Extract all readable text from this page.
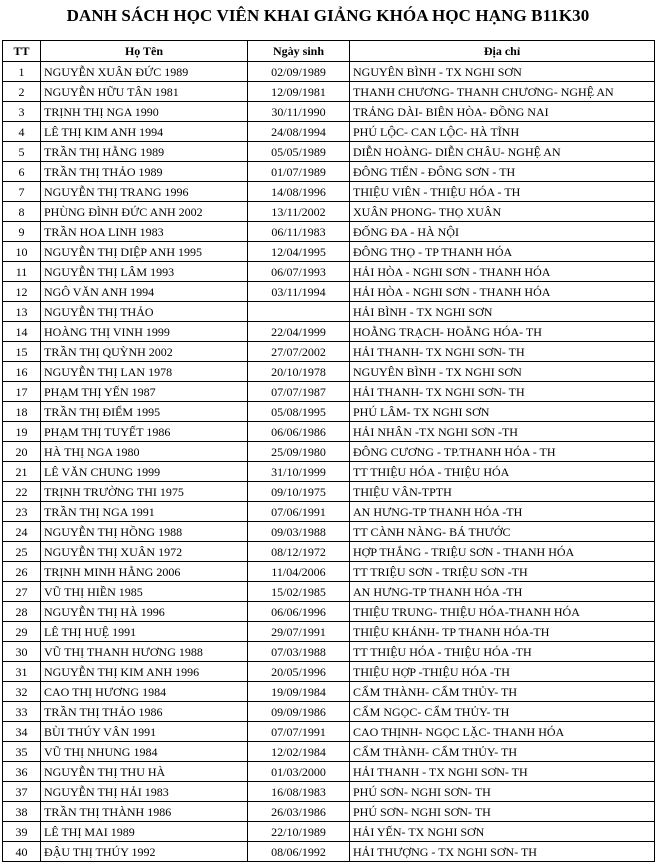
DANH SÁCH HỌC VIÊN KHAI GIẢNG KHÓA HỌC HẠNG B11K30
TT	Họ Tên	Ngày sinh	Địa chỉ
1	NGUYỄN XUÂN ĐỨC 1989	02/09/1989	NGUYÊN BÌNH - TX NGHI SƠN
2	NGUYỄN HỮU TÂN 1981	12/09/1981	THANH CHƯƠNG- THANH CHƯƠNG- NGHỆ AN
3	TRỊNH THỊ NGA 1990	30/11/1990	TRẢNG DÀI- BIÊN HÒA- ĐỒNG NAI
4	LÊ THỊ KIM ANH 1994	24/08/1994	PHÚ LỘC- CAN LỘC- HÀ TĨNH
5	TRẦN THỊ HẰNG 1989	05/05/1989	DIỄN HOÀNG- DIỄN CHÂU- NGHỆ AN
6	TRẦN THỊ THẢO 1989	01/07/1989	ĐÔNG TIẾN - ĐÔNG SƠN - TH
7	NGUYỄN THỊ TRANG 1996	14/08/1996	THIỆU VIÊN - THIỆU HÓA - TH
8	PHÙNG ĐÌNH ĐỨC ANH 2002	13/11/2002	XUÂN PHONG- THỌ XUÂN
9	TRẦN HOA LINH 1983	06/11/1983	ĐỐNG ĐA - HÀ NỘI
10	NGUYỄN THỊ DIỆP ANH 1995	12/04/1995	ĐÔNG THỌ - TP THANH HÓA
11	NGUYỄN THỊ LÂM 1993	06/07/1993	HẢI HÒA - NGHI SƠN - THANH HÓA
12	NGÔ VĂN ANH 1994	03/11/1994	HẢI HÒA - NGHI SƠN - THANH HÓA
13	NGUYỄN THỊ THẢO		HẢI BÌNH - TX NGHI SƠN
14	HOÀNG THỊ VINH 1999	22/04/1999	HOẰNG TRẠCH- HOẰNG HÓA- TH
15	TRẦN THỊ QUỲNH 2002	27/07/2002	HẢI THANH- TX NGHI SƠN- TH
16	NGUYỄN THỊ LAN 1978	20/10/1978	NGUYÊN BÌNH - TX NGHI SƠN
17	PHẠM THỊ YẾN 1987	07/07/1987	HẢI THANH- TX NGHI SƠN- TH
18	TRẦN THỊ ĐIỂM 1995	05/08/1995	PHÚ LÂM- TX NGHI SƠN
19	PHẠM THỊ TUYẾT 1986	06/06/1986	HẢI NHÂN -TX NGHI SƠN -TH
20	HÀ THỊ NGA 1980	25/09/1980	ĐÔNG CƯƠNG - TP.THANH HÓA - TH
21	LÊ VĂN CHUNG 1999	31/10/1999	TT THIỆU HÓA - THIỆU HÓA
22	TRỊNH TRƯỜNG THI 1975	09/10/1975	THIỆU VÂN-TPTH
23	TRẦN THỊ NGA 1991	07/06/1991	AN HƯNG-TP THANH HÓA -TH
24	NGUYỄN THỊ HỒNG 1988	09/03/1988	TT CÀNH NÀNG- BÁ THƯỚC
25	NGUYỄN THỊ XUÂN 1972	08/12/1972	HỢP THẮNG - TRIỆU SƠN - THANH HÓA
26	TRỊNH MINH HẰNG 2006	11/04/2006	TT TRIỆU SƠN - TRIỆU SƠN -TH
27	VŨ THỊ HIỀN 1985	15/02/1985	AN HƯNG-TP THANH HÓA -TH
28	NGUYỄN THỊ HÀ 1996	06/06/1996	THIỆU TRUNG- THIỆU HÓA-THANH HÓA
29	LÊ THỊ HUỆ 1991	29/07/1991	THIỆU KHÁNH- TP THANH HÓA-TH
30	VŨ THỊ THANH HƯƠNG 1988	07/03/1988	TT THIỆU HÓA - THIỆU HÓA -TH
31	NGUYỄN THỊ KIM ANH 1996	20/05/1996	THIỆU HỢP -THIỆU HÓA -TH
32	CAO THỊ HƯƠNG 1984	19/09/1984	CẨM THÀNH- CẨM THỦY- TH
33	TRẦN THỊ THẢO 1986	09/09/1986	CẨM NGỌC- CẨM THỦY- TH
34	BÙI THÚY VÂN 1991	07/07/1991	CAO THỊNH- NGỌC LẶC- THANH HÓA
35	VŨ THỊ NHUNG 1984	12/02/1984	CẨM THÀNH- CẨM THỦY- TH
36	NGUYỄN THỊ THU HÀ	01/03/2000	HẢI THANH - TX NGHI SƠN- TH
37	NGUYỄN THỊ HẢI 1983	16/08/1983	PHÚ SƠN- NGHI SƠN- TH
38	TRẦN THỊ THÀNH 1986	26/03/1986	PHÚ SƠN- NGHI SƠN- TH
39	LÊ THỊ MAI 1989	22/10/1989	HẢI YẾN- TX NGHI SƠN
40	ĐẬU THỊ THÚY 1992	08/06/1992	HẢI THƯỢNG - TX NGHI SƠN- TH
